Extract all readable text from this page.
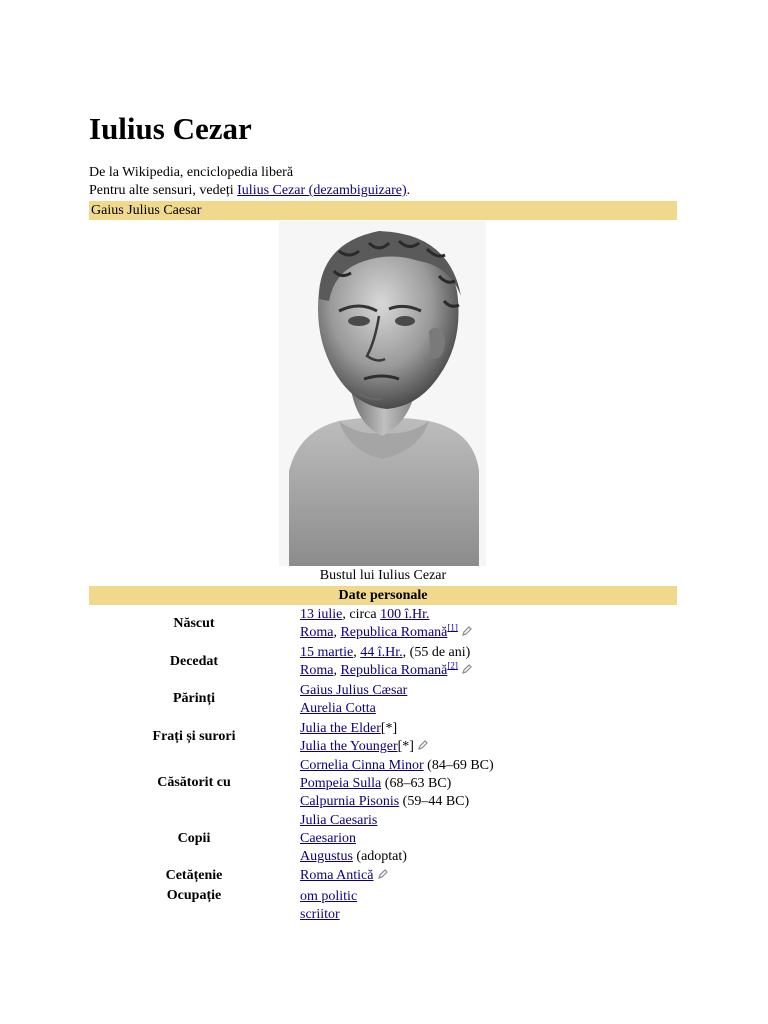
Iulius Cezar
De la Wikipedia, enciclopedia liberă
Pentru alte sensuri, vedeți Iulius Cezar (dezambiguizare).
Gaius Julius Caesar
Bustul lui Iulius Cezar
Date personale
Născut
13 iulie, circa 100 î.Hr.
Roma, Republica Romană[1]
Decedat
15 martie, 44 î.Hr., (55 de ani)
Roma, Republica Romană[2]
Părinți
Gaius Julius Cæsar
Aurelia Cotta
Frați și surori
Julia the Elder[*]
Julia the Younger[*]
Căsătorit cu
Cornelia Cinna Minor (84–69 BC)
Pompeia Sulla (68–63 BC)
Calpurnia Pisonis (59–44 BC)
Copii
Julia Caesaris
Caesarion
Augustus (adoptat)
Cetățenie	Roma Antică
Ocupație	om politic
scriitor
